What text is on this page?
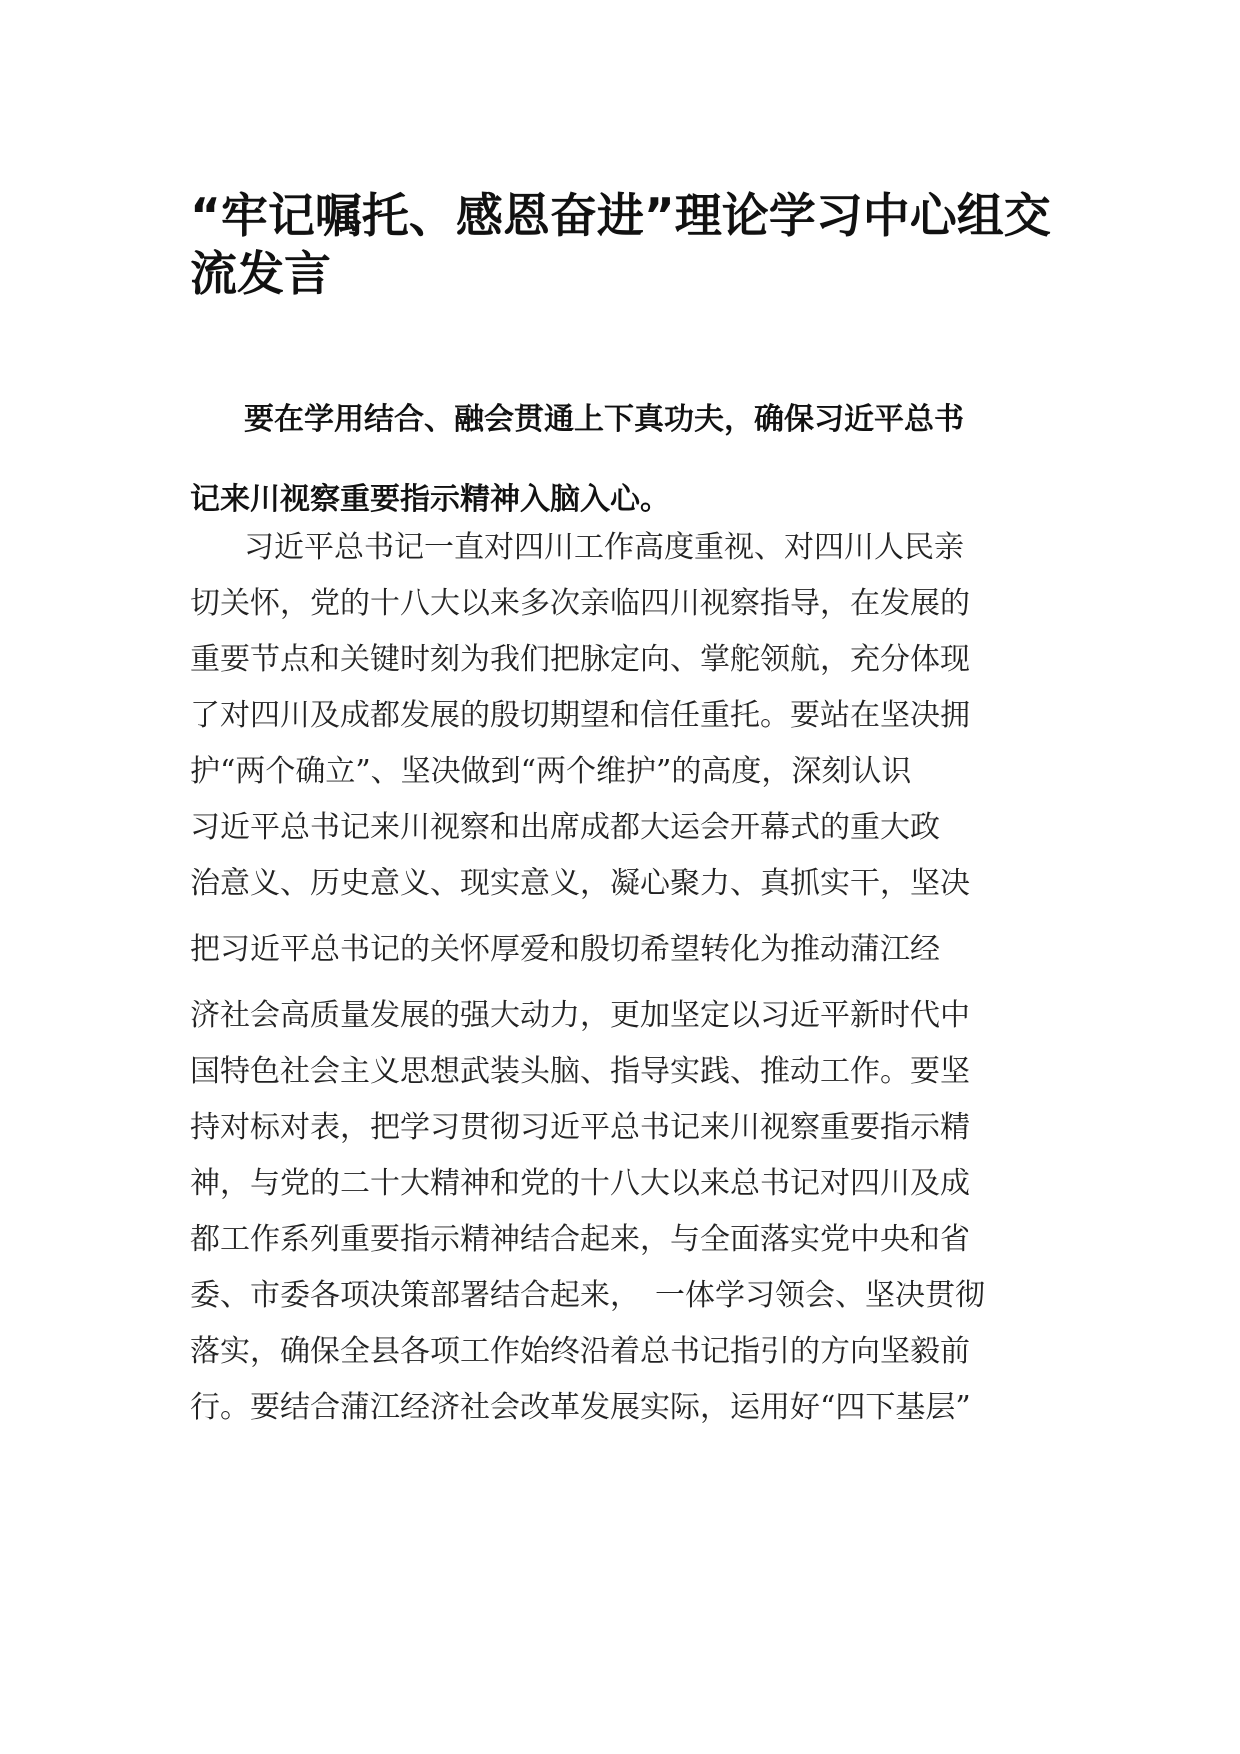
“牢记嘱托、感恩奋进”理论学习中心组交
流发言
要在学用结合、融会贯通上下真功夫，确保习近平总书
记来川视察重要指示精神入脑入心。
习近平总书记一直对四川工作高度重视、对四川人民亲
切关怀，党的十八大以来多次亲临四川视察指导，在发展的
重要节点和关键时刻为我们把脉定向、掌舵领航，充分体现
了对四川及成都发展的殷切期望和信任重托。要站在坚决拥
护“两个确立”、坚决做到“两个维护”的高度，深刻认识
习近平总书记来川视察和出席成都大运会开幕式的重大政
治意义、历史意义、现实意义，凝心聚力、真抓实干，坚决
把习近平总书记的关怀厚爱和殷切希望转化为推动蒲江经
济社会高质量发展的强大动力，更加坚定以习近平新时代中
国特色社会主义思想武装头脑、指导实践、推动工作。要坚
持对标对表，把学习贯彻习近平总书记来川视察重要指示精
神，与党的二十大精神和党的十八大以来总书记对四川及成
都工作系列重要指示精神结合起来，与全面落实党中央和省
委、市委各项决策部署结合起来，　一体学习领会、坚决贯彻
落实，确保全县各项工作始终沿着总书记指引的方向坚毅前
行。要结合蒲江经济社会改革发展实际，运用好“四下基层”
